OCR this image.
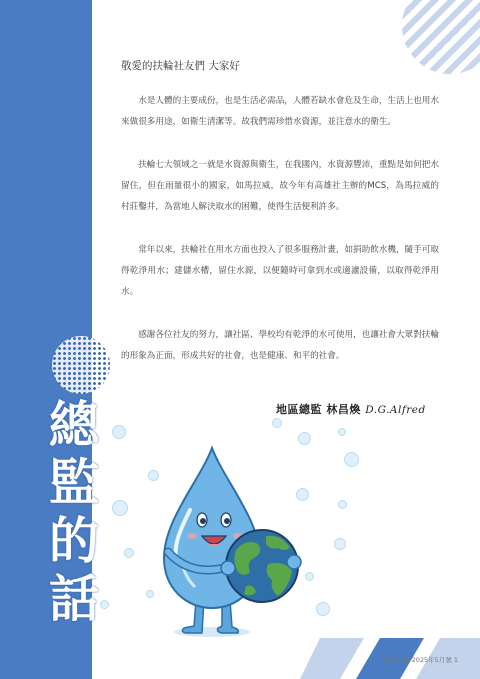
總
監
的
話

敬愛的扶輪社友們 大家好

水是人體的主要成份，也是生活必需品，人體若缺水會危及生命，生活上也用水來做很多用途，如衛生清潔等。故我們需珍惜水資源，並注意水的衛生。

扶輪七大領域之一就是水資源與衛生，在我國內，水資源豐沛，重點是如何把水留住，但在雨量很小的國家，如馬拉威，故今年有高雄社主辦的MCS，為馬拉威的村莊鑿井，為當地人解決取水的困難，使得生活便利許多。

常年以來，扶輪社在用水方面也投入了很多服務計畫，如捐助飲水機，隨手可取得乾淨用水；建儲水槽，留住水源，以便隨時可拿到水或適濾設備，以取得乾淨用水。

感謝各位社友的努力，讓社區、學校均有乾淨的水可使用，也讓社會大眾對扶輪的形象為正面，形成共好的社會，也是健康、和平的社會。

地區總監 林昌煥 D.G.Alfred
總監月報 2025年5月號 1
